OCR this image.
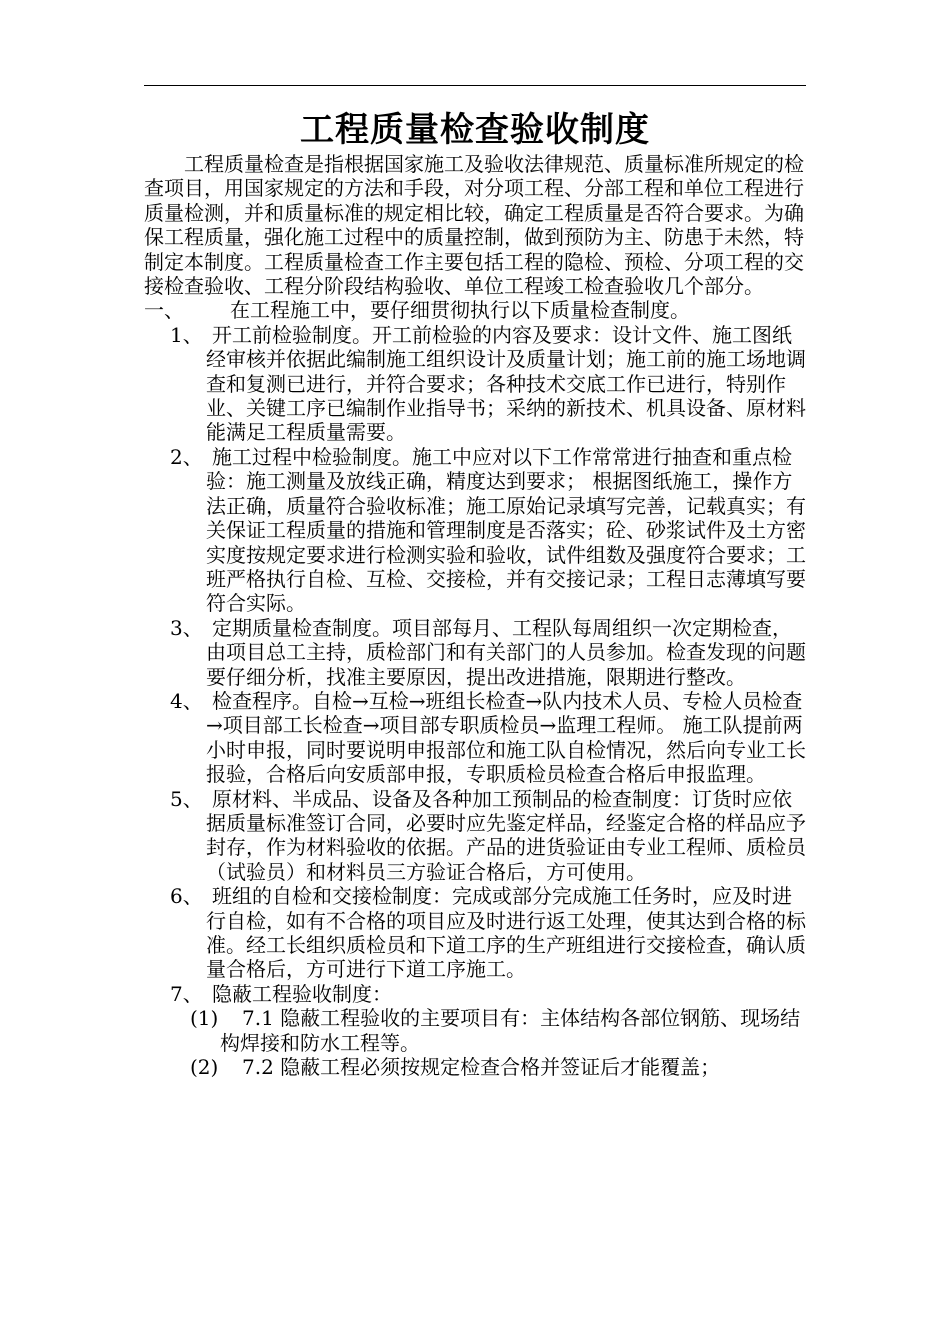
工程质量检查验收制度

工程质量检查是指根据国家施工及验收法律规范、质量标准所规定的检查项目，用国家规定的方法和手段，对分项工程、分部工程和单位工程进行质量检测，并和质量标准的规定相比较，确定工程质量是否符合要求。为确保工程质量，强化施工过程中的质量控制，做到预防为主、防患于未然，特制定本制度。工程质量检查工作主要包括工程的隐检、预检、分项工程的交接检查验收、工程分阶段结构验收、单位工程竣工检查验收几个部分。

一、 在工程施工中，要仔细贯彻执行以下质量检查制度。

1、 开工前检验制度。开工前检验的内容及要求：设计文件、施工图纸经审核并依据此编制施工组织设计及质量计划；施工前的施工场地调查和复测已进行，并符合要求；各种技术交底工作已进行，特别作业、关键工序已编制作业指导书；采纳的新技术、机具设备、原材料能满足工程质量需要。

2、 施工过程中检验制度。施工中应对以下工作常常进行抽查和重点检验：施工测量及放线正确，精度达到要求； 根据图纸施工，操作方法正确，质量符合验收标准；施工原始记录填写完善，记载真实；有关保证工程质量的措施和管理制度是否落实；砼、砂浆试件及土方密实度按规定要求进行检测实验和验收，试件组数及强度符合要求；工班严格执行自检、互检、交接检，并有交接记录；工程日志薄填写要符合实际。

3、 定期质量检查制度。项目部每月、工程队每周组织一次定期检查，由项目总工主持，质检部门和有关部门的人员参加。检查发现的问题要仔细分析，找准主要原因，提出改进措施，限期进行整改。

4、 检查程序。自检→互检→班组长检查→队内技术人员、专检人员检查→项目部工长检查→项目部专职质检员→监理工程师。 施工队提前两小时申报，同时要说明申报部位和施工队自检情况，然后向专业工长报验，合格后向安质部申报，专职质检员检查合格后申报监理。

5、 原材料、半成品、设备及各种加工预制品的检查制度：订货时应依据质量标准签订合同，必要时应先鉴定样品，经鉴定合格的样品应予封存，作为材料验收的依据。产品的进货验证由专业工程师、质检员（试验员）和材料员三方验证合格后，方可使用。

6、 班组的自检和交接检制度：完成或部分完成施工任务时，应及时进行自检，如有不合格的项目应及时进行返工处理，使其达到合格的标准。经工长组织质检员和下道工序的生产班组进行交接检查，确认质量合格后，方可进行下道工序施工。

7、 隐蔽工程验收制度：

(1) 7.1 隐蔽工程验收的主要项目有：主体结构各部位钢筋、现场结构焊接和防水工程等。

(2) 7.2 隐蔽工程必须按规定检查合格并签证后才能覆盖；
